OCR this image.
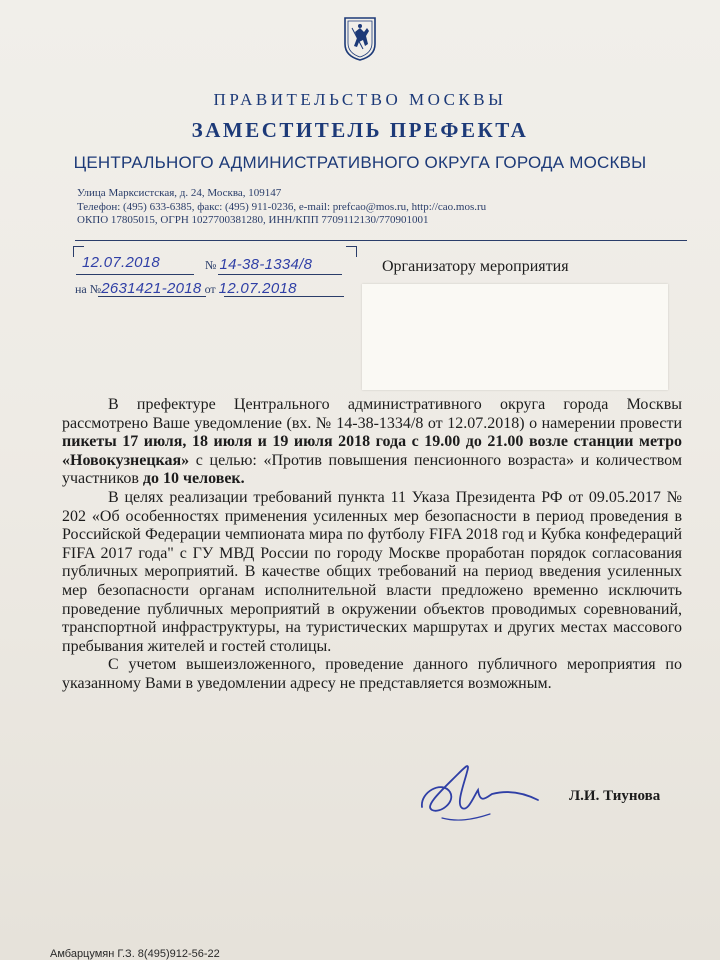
ПРАВИТЕЛЬСТВО МОСКВЫ
ЗАМЕСТИТЕЛЬ ПРЕФЕКТА
ЦЕНТРАЛЬНОГО АДМИНИСТРАТИВНОГО ОКРУГА ГОРОДА МОСКВЫ
Улица Марксистская, д. 24, Москва, 109147
Телефон: (495) 633-6385, факс: (495) 911-0236, e-mail: prefcao@mos.ru, http://cao.mos.ru
ОКПО 17805015, ОГРН 1027700381280, ИНН/КПП 7709112130/770901001
12.07.2018	№ 14-38-1334/8
на №2631421-2018 от 12.07.2018
Организатору мероприятия

В префектуре Центрального административного округа города Москвы рассмотрено Ваше уведомление (вх. № 14-38-1334/8 от 12.07.2018) о намерении провести пикеты 17 июля, 18 июля и 19 июля 2018 года с 19.00 до 21.00 возле станции метро «Новокузнецкая» с целью: «Против повышения пенсионного возраста» и количеством участников до 10 человек.

В целях реализации требований пункта 11 Указа Президента РФ от 09.05.2017 № 202 «Об особенностях применения усиленных мер безопасности в период проведения в Российской Федерации чемпионата мира по футболу FIFA 2018 год и Кубка конфедераций FIFA 2017 года" с ГУ МВД России по городу Москве проработан порядок согласования публичных мероприятий. В качестве общих требований на период введения усиленных мер безопасности органам исполнительной власти предложено временно исключить проведение публичных мероприятий в окружении объектов проводимых соревнований, транспортной инфраструктуры, на туристических маршрутах и других местах массового пребывания жителей и гостей столицы.

С учетом вышеизложенного, проведение данного публичного мероприятия по указанному Вами в уведомлении адресу не представляется возможным.

Л.И. Тиунова
Амбарцумян Г.З. 8(495)912-56-22
